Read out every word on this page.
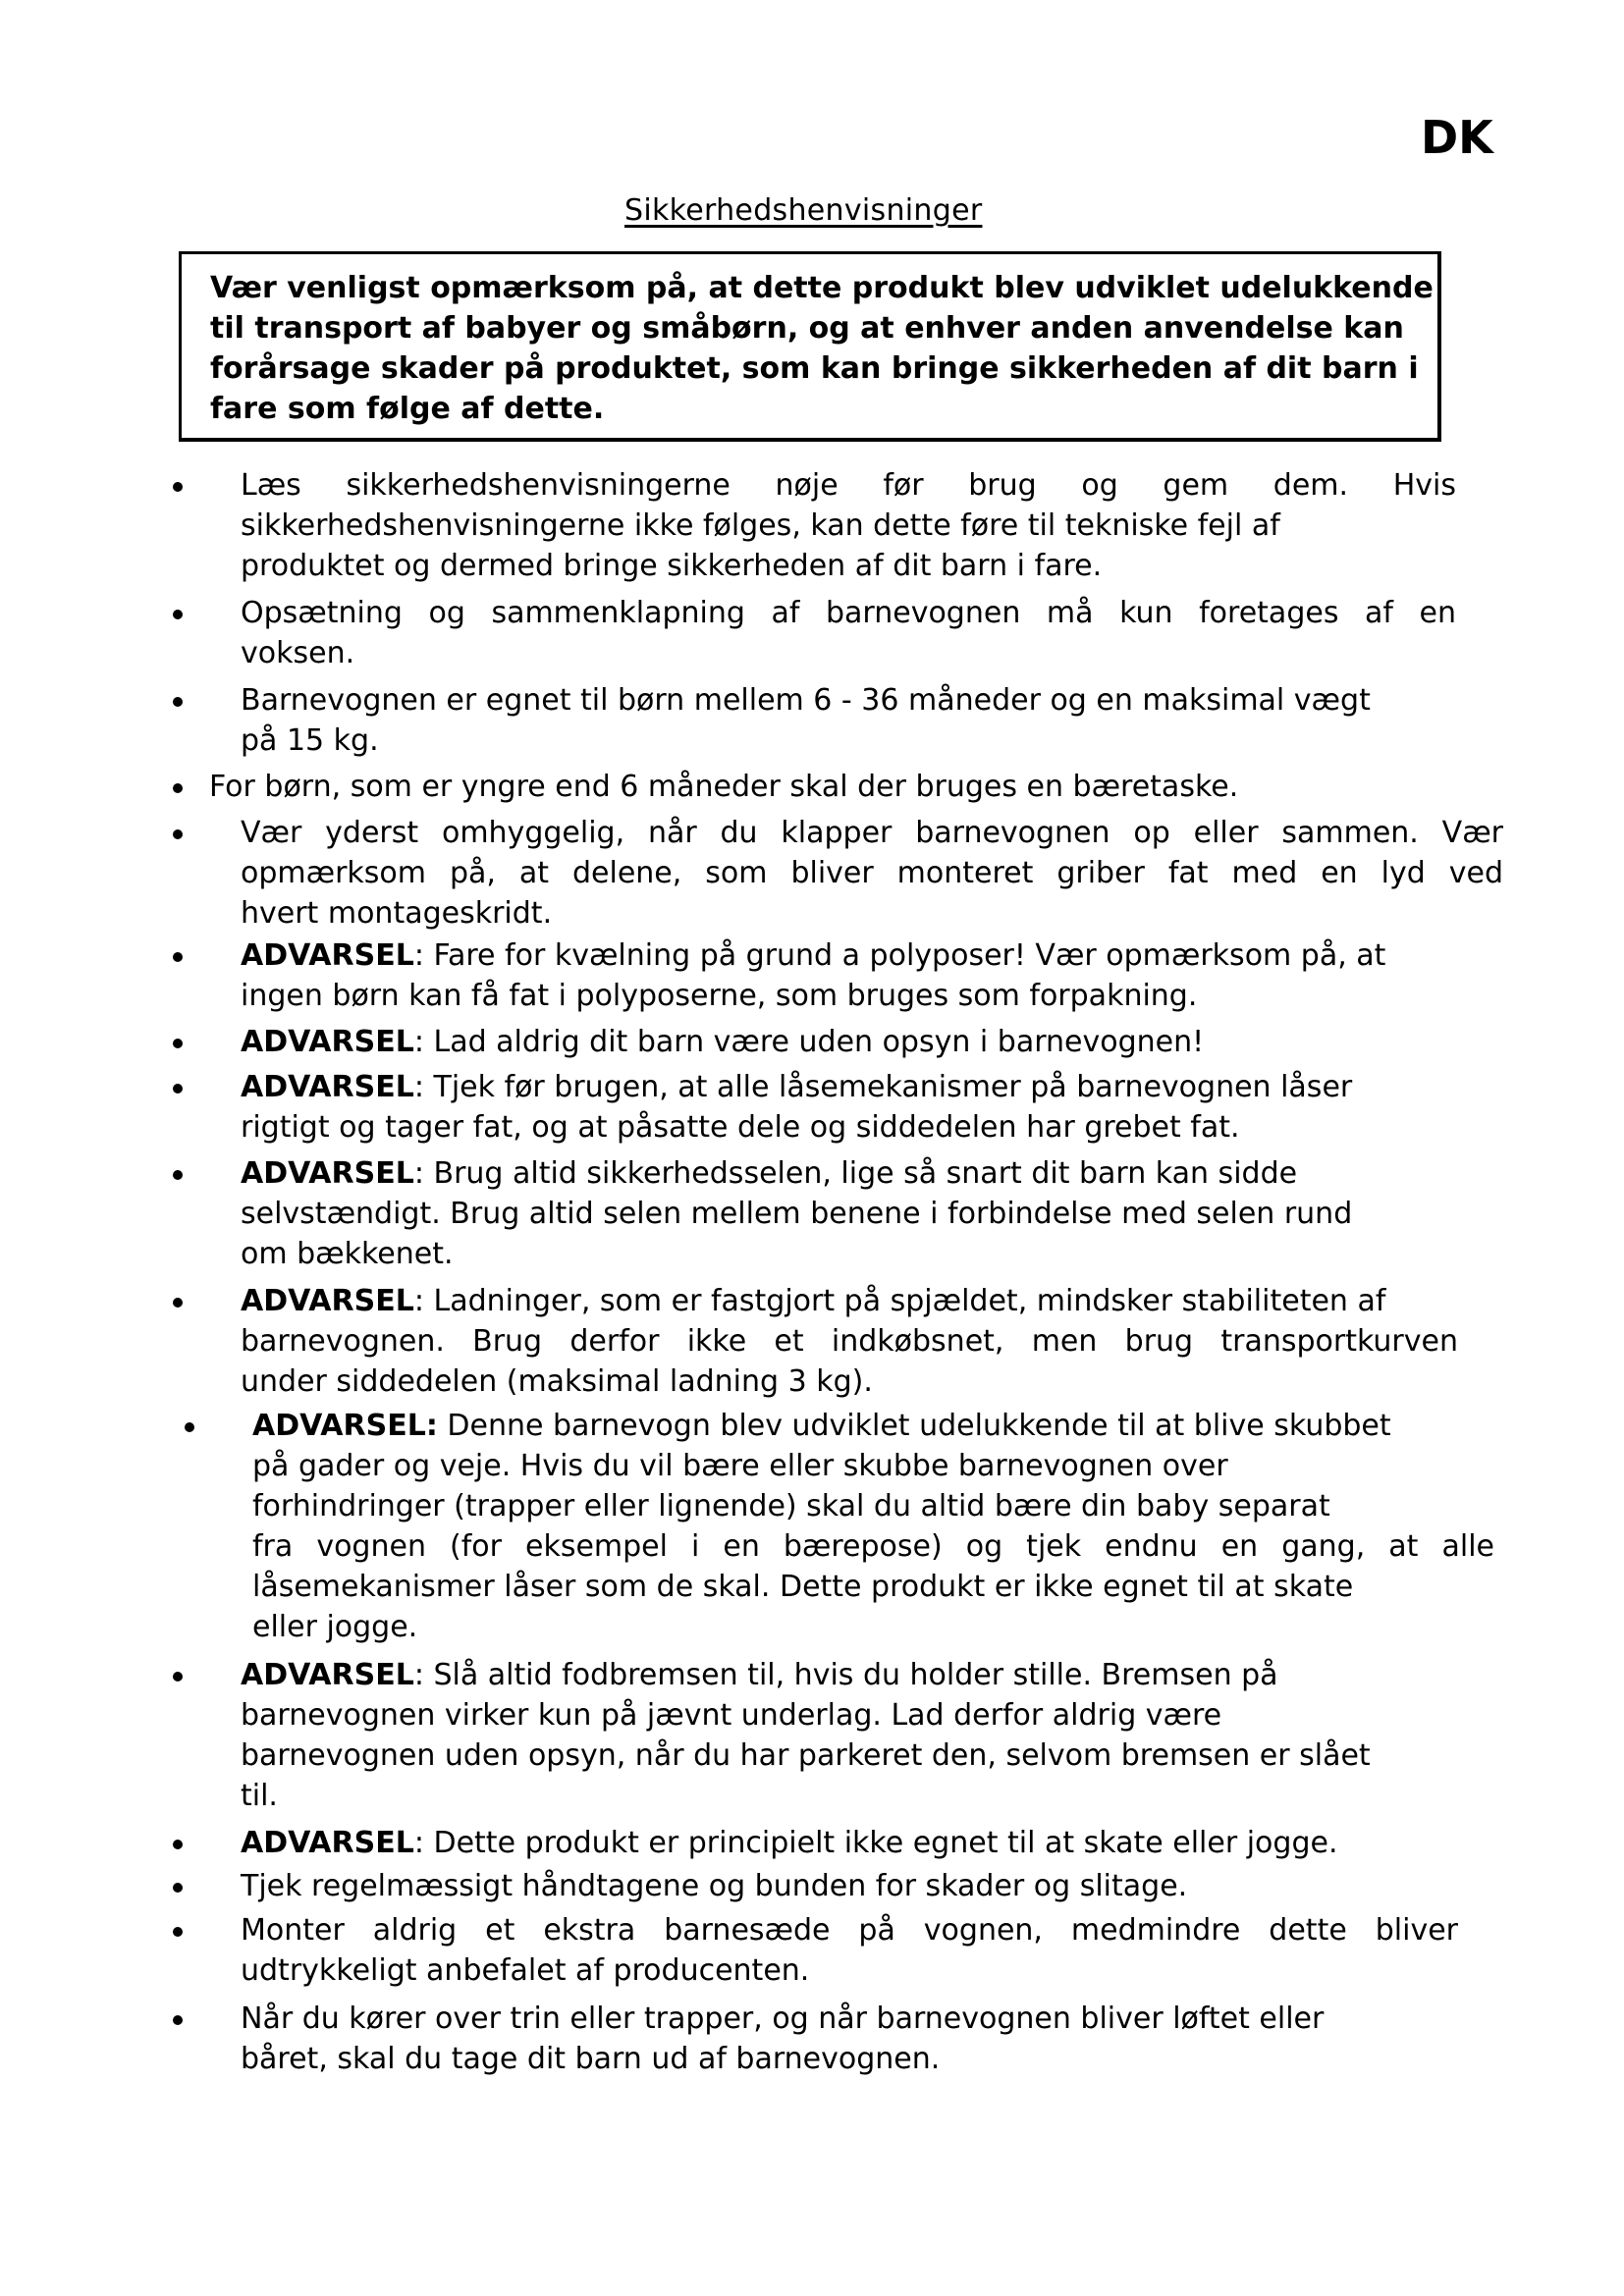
DK
Sikkerhedshenvisninger
Vær venligst opmærksom på, at dette produkt blev udviklet udelukkende
til transport af babyer og småbørn, og at enhver anden anvendelse kan
forårsage skader på produktet, som kan bringe sikkerheden af dit barn i
fare som følge af dette.
Læs sikkerhedshenvisningerne nøje før brug og gem dem. Hvis
sikkerhedshenvisningerne ikke følges, kan dette føre til tekniske fejl af
produktet og dermed bringe sikkerheden af dit barn i fare.
Opsætning og sammenklapning af barnevognen må kun foretages af en
voksen.
Barnevognen er egnet til børn mellem 6 - 36 måneder og en maksimal vægt
på 15 kg.
For børn, som er yngre end 6 måneder skal der bruges en bæretaske.
Vær yderst omhyggelig, når du klapper barnevognen op eller sammen. Vær
opmærksom på, at delene, som bliver monteret griber fat med en lyd ved
hvert montageskridt.
ADVARSEL: Fare for kvælning på grund a polyposer! Vær opmærksom på, at
ingen børn kan få fat i polyposerne, som bruges som forpakning.
ADVARSEL: Lad aldrig dit barn være uden opsyn i barnevognen!
ADVARSEL: Tjek før brugen, at alle låsemekanismer på barnevognen låser
rigtigt og tager fat, og at påsatte dele og siddedelen har grebet fat.
ADVARSEL: Brug altid sikkerhedsselen, lige så snart dit barn kan sidde
selvstændigt. Brug altid selen mellem benene i forbindelse med selen rund
om bækkenet.
ADVARSEL: Ladninger, som er fastgjort på spjældet, mindsker stabiliteten af
barnevognen. Brug derfor ikke et indkøbsnet, men brug transportkurven
under siddedelen (maksimal ladning 3 kg).
ADVARSEL: Denne barnevogn blev udviklet udelukkende til at blive skubbet
på gader og veje. Hvis du vil bære eller skubbe barnevognen over
forhindringer (trapper eller lignende) skal du altid bære din baby separat
fra vognen (for eksempel i en bærepose) og tjek endnu en gang, at alle
låsemekanismer låser som de skal. Dette produkt er ikke egnet til at skate
eller jogge.
ADVARSEL: Slå altid fodbremsen til, hvis du holder stille. Bremsen på
barnevognen virker kun på jævnt underlag. Lad derfor aldrig være
barnevognen uden opsyn, når du har parkeret den, selvom bremsen er slået
til.
ADVARSEL: Dette produkt er principielt ikke egnet til at skate eller jogge.
Tjek regelmæssigt håndtagene og bunden for skader og slitage.
Monter aldrig et ekstra barnesæde på vognen, medmindre dette bliver
udtrykkeligt anbefalet af producenten.
Når du kører over trin eller trapper, og når barnevognen bliver løftet eller
båret, skal du tage dit barn ud af barnevognen.
